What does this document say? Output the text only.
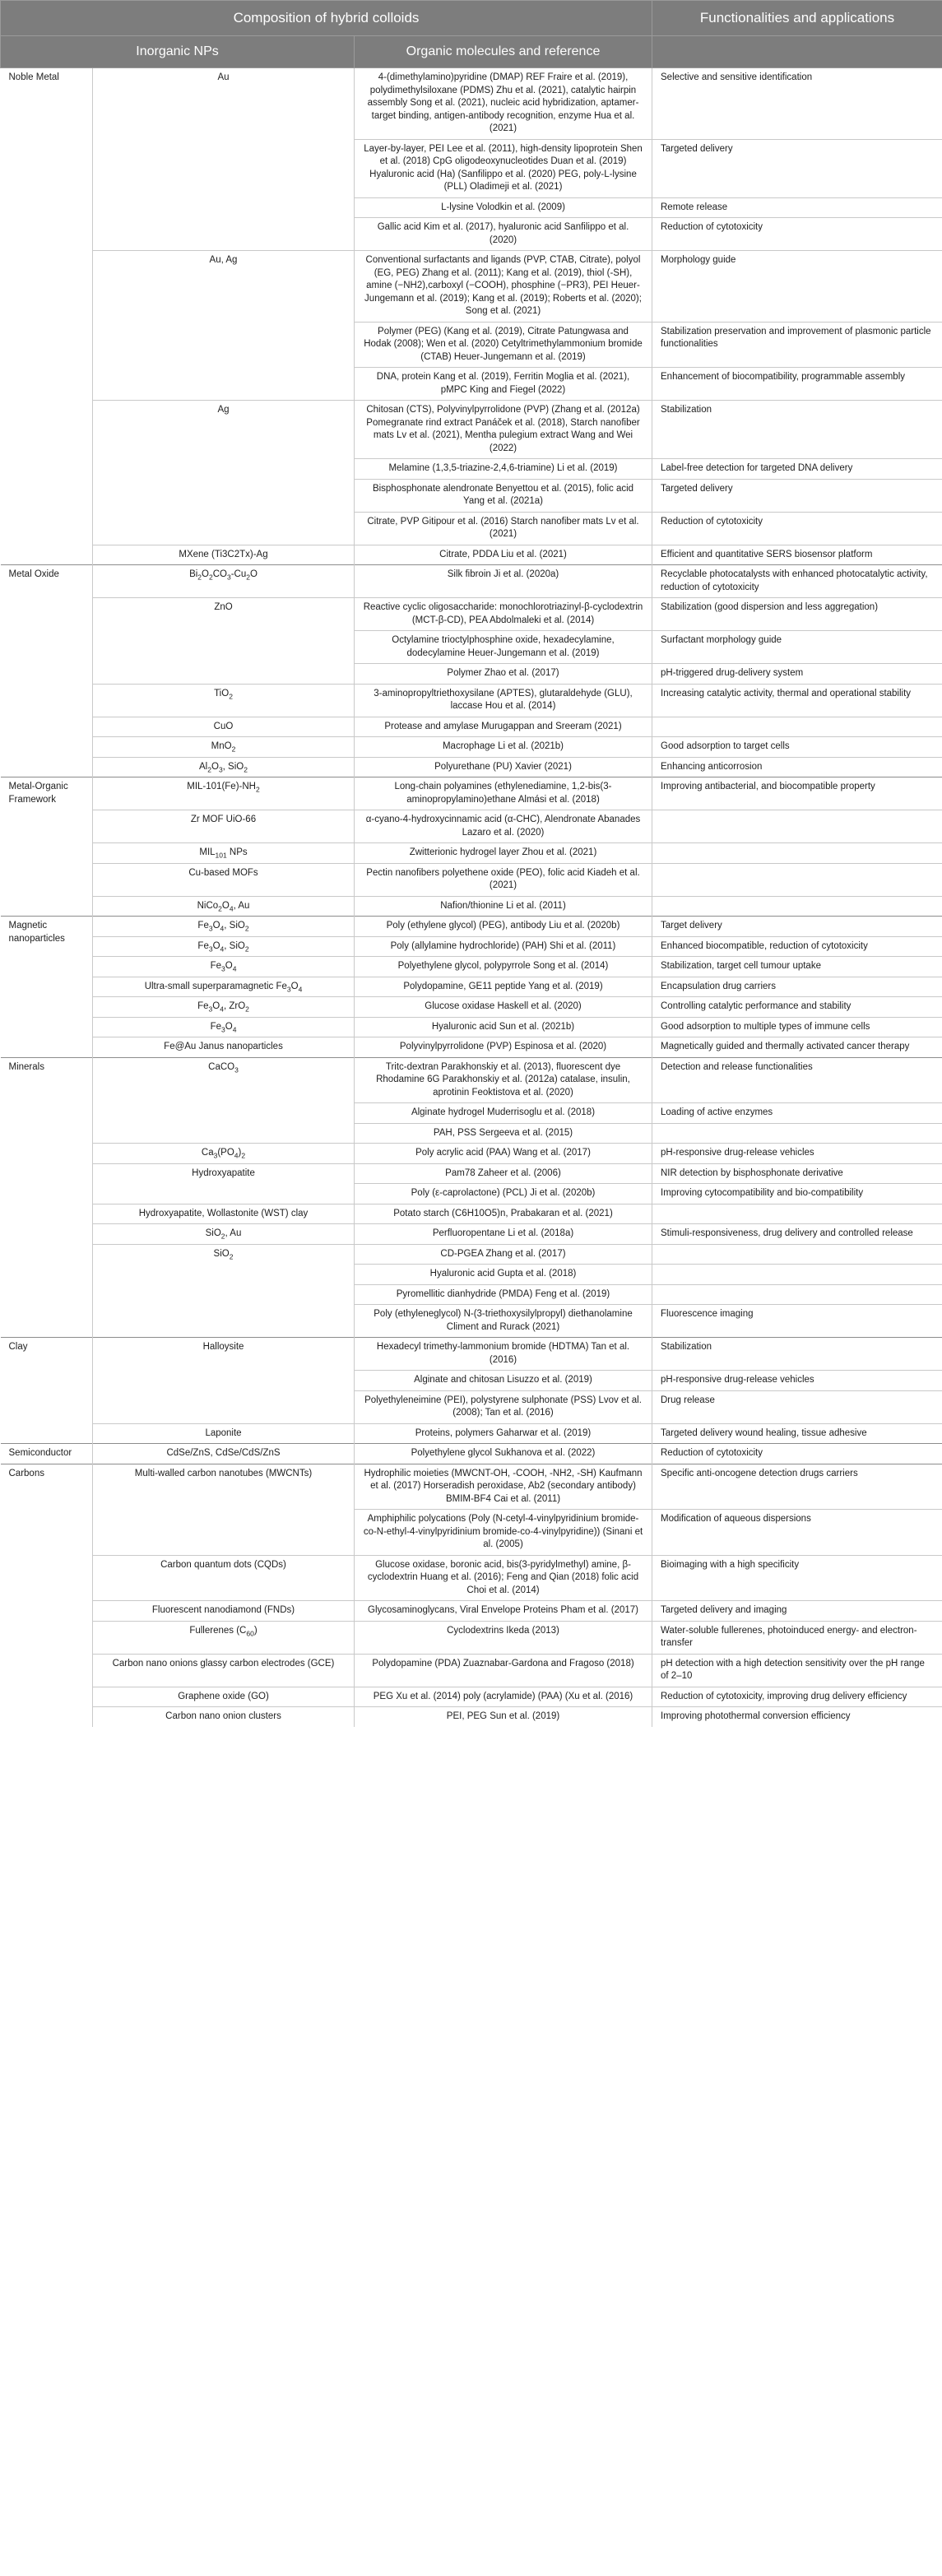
Composition of hybrid colloids			Functionalities and applications
Inorganic NPs		Organic molecules and reference	
Noble Metal	Au	4-(dimethylamino)pyridine (DMAP) REF Fraire et al. (2019), polydimethylsiloxane (PDMS) Zhu et al. (2021), catalytic hairpin assembly Song et al. (2021), nucleic acid hybridization, aptamer-target binding, antigen-antibody recognition, enzyme Hua et al. (2021)	Selective and sensitive identification
		Layer-by-layer, PEI Lee et al. (2011), high-density lipoprotein Shen et al. (2018) CpG oligodeoxynucleotides Duan et al. (2019) Hyaluronic acid (Ha) (Sanfilippo et al. (2020) PEG, poly-L-lysine (PLL) Oladimeji et al. (2021)	Targeted delivery
		L-lysine Volodkin et al. (2009)	Remote release
		Gallic acid Kim et al. (2017), hyaluronic acid Sanfilippo et al. (2020)	Reduction of cytotoxicity
	Au, Ag	Conventional surfactants and ligands (PVP, CTAB, Citrate), polyol (EG, PEG) Zhang et al. (2011); Kang et al. (2019), thiol (-SH), amine (−NH2),carboxyl (−COOH), phosphine (−PR3), PEI Heuer-Jungemann et al. (2019); Kang et al. (2019); Roberts et al. (2020); Song et al. (2021)	Morphology guide
		Polymer (PEG) (Kang et al. (2019), Citrate Patungwasa and Hodak (2008); Wen et al. (2020) Cetyltrimethylammonium bromide (CTAB) Heuer-Jungemann et al. (2019)	Stabilization preservation and improvement of plasmonic particle functionalities
		DNA, protein Kang et al. (2019), Ferritin Moglia et al. (2021), pMPC King and Fiegel (2022)	Enhancement of biocompatibility, programmable assembly
	Ag	Chitosan (CTS), Polyvinylpyrrolidone (PVP) (Zhang et al. (2012a) Pomegranate rind extract Panáček et al. (2018), Starch nanofiber mats Lv et al. (2021), Mentha pulegium extract Wang and Wei (2022)	Stabilization
		Melamine (1,3,5-triazine-2,4,6-triamine) Li et al. (2019)	Label-free detection for targeted DNA delivery
		Bisphosphonate alendronate Benyettou et al. (2015), folic acid Yang et al. (2021a)	Targeted delivery
		Citrate, PVP Gitipour et al. (2016) Starch nanofiber mats Lv et al. (2021)	Reduction of cytotoxicity
	MXene (Ti3C2Tx)-Ag	Citrate, PDDA Liu et al. (2021)	Efficient and quantitative SERS biosensor platform
Metal Oxide	$Bi_2O_2CO_3-Cu_2O$	Silk fibroin Ji et al. (2020a)	Recyclable photocatalysts with enhanced photocatalytic activity, reduction of cytotoxicity
	ZnO	Reactive cyclic oligosaccharide: monochlorotriazinyl-β-cyclodextrin (MCT-β-CD), PEA Abdolmaleki et al. (2014)	Stabilization (good dispersion and less aggregation)
		Octylamine trioctylphosphine oxide, hexadecylamine, dodecylamine Heuer-Jungemann et al. (2019)	Surfactant morphology guide
		Polymer Zhao et al. (2017)	pH-triggered drug-delivery system
	TiO$_2$	3-aminopropyltriethoxysilane (APTES), glutaraldehyde (GLU), laccase Hou et al. (2014)	Increasing catalytic activity, thermal and operational stability
	CuO	Protease and amylase Murugappan and Sreeram (2021)	
	MnO$_2$	Macrophage Li et al. (2021b)	Good adsorption to target cells
	$Al_2O_3$, SiO$_2$	Polyurethane (PU) Xavier (2021)	Enhancing anticorrosion
Metal-Organic Framework	MIL-$101(Fe)-NH_2$	Long-chain polyamines (ethylenediamine, 1,2-bis(3-aminopropylamino)ethane Almási et al. (2018)	Improving antibacterial, and biocompatible property
	Zr MOF UiO-66	α-cyano-4-hydroxycinnamic acid (α-CHC), Alendronate Abanades Lazaro et al. (2020)	
	$MIL_{101}$ NPs	Zwitterionic hydrogel layer Zhou et al. (2021)	
	Cu-based MOFs	Pectin nanofibers polyethene oxide (PEO), folic acid Kiadeh et al. (2021)	
	$NiCo_2O_4$, Au	Nafion/thionine Li et al. (2011)	
Magnetic nanoparticles	$Fe_3O_4$, SiO$_2$	Poly (ethylene glycol) (PEG), antibody Liu et al. (2020b)	Target delivery
	$Fe_3O_4$, SiO$_2$	Poly (allylamine hydrochloride) (PAH) Shi et al. (2011)	Enhanced biocompatible, reduction of cytotoxicity
	$Fe_3O_4$	Polyethylene glycol, polypyrrole Song et al. (2014)	Stabilization, target cell tumour uptake
	Ultra-small superparamagnetic $Fe_3O_4$	Polydopamine, GE11 peptide Yang et al. (2019)	Encapsulation drug carriers
	$Fe_3O_4$, ZrO$_2$	Glucose oxidase Haskell et al. (2020)	Controlling catalytic performance and stability
	$Fe_3O_4$	Hyaluronic acid Sun et al. (2021b)	Good adsorption to multiple types of immune cells
	Fe@Au Janus nanoparticles	Polyvinylpyrrolidone (PVP) Espinosa et al. (2020)	Magnetically guided and thermally activated cancer therapy
Minerals	CaCO$_3$	Tritc-dextran Parakhonskiy et al. (2013), fluorescent dye Rhodamine 6G Parakhonskiy et al. (2012a) catalase, insulin, aprotinin Feoktistova et al. (2020)	Detection and release functionalities
		Alginate hydrogel Muderrisoglu et al. (2018)	Loading of active enzymes
		PAH, PSS Sergeeva et al. (2015)	
	$Ca_3(PO_4)_2$	Poly acrylic acid (PAA) Wang et al. (2017)	pH-responsive drug-release vehicles
	Hydroxyapatite	Pam78 Zaheer et al. (2006)	NIR detection by bisphosphonate derivative
		Poly (ε-caprolactone) (PCL) Ji et al. (2020b)	Improving cytocompatibility and bio-compatibility
	Hydroxyapatite, Wollastonite (WST) clay	Potato starch (C6H10O5)n, Prabakaran et al. (2021)	
	SiO$_2$, Au	Perfluoropentane Li et al. (2018a)	Stimuli-responsiveness, drug delivery and controlled release
	SiO$_2$	CD-PGEA Zhang et al. (2017)	
		Hyaluronic acid Gupta et al. (2018)	
		Pyromellitic dianhydride (PMDA) Feng et al. (2019)	
		Poly (ethyleneglycol) N-(3-triethoxysilylpropyl) diethanolamine Climent and Rurack (2021)	Fluorescence imaging
Clay	Halloysite	Hexadecyl trimethy-lammonium bromide (HDTMA) Tan et al. (2016)	Stabilization
		Alginate and chitosan Lisuzzo et al. (2019)	pH-responsive drug-release vehicles
		Polyethyleneimine (PEI), polystyrene sulphonate (PSS) Lvov et al. (2008); Tan et al. (2016)	Drug release
	Laponite	Proteins, polymers Gaharwar et al. (2019)	Targeted delivery wound healing, tissue adhesive
Semiconductor	CdSe/ZnS, CdSe/CdS/ZnS	Polyethylene glycol Sukhanova et al. (2022)	Reduction of cytotoxicity
Carbons	Multi-walled carbon nanotubes (MWCNTs)	Hydrophilic moieties (MWCNT-OH, -COOH, -NH2, -SH) Kaufmann et al. (2017) Horseradish peroxidase, Ab2 (secondary antibody) BMIM-BF4 Cai et al. (2011)	Specific anti-oncogene detection drugs carriers
		Amphiphilic polycations (Poly (N-cetyl-4-vinylpyridinium bromide-co-N-ethyl-4-vinylpyridinium bromide-co-4-vinylpyridine)) (Sinani et al. (2005)	Modification of aqueous dispersions
	Carbon quantum dots (CQDs)	Glucose oxidase, boronic acid, bis(3-pyridylmethyl) amine, β-cyclodextrin Huang et al. (2016); Feng and Qian (2018) folic acid Choi et al. (2014)	Bioimaging with a high specificity
	Fluorescent nanodiamond (FNDs)	Glycosaminoglycans, Viral Envelope Proteins Pham et al. (2017)	Targeted delivery and imaging
	Fullerenes $(C_{60})$	Cyclodextrins Ikeda (2013)	Water-soluble fullerenes, photoinduced energy- and electron-transfer
	Carbon nano onions glassy carbon electrodes (GCE)	Polydopamine (PDA) Zuaznabar-Gardona and Fragoso (2018)	pH detection with a high detection sensitivity over the pH range of 2–10
	Graphene oxide (GO)	PEG Xu et al. (2014) poly (acrylamide) (PAA) (Xu et al. (2016)	Reduction of cytotoxicity, improving drug delivery efficiency
	Carbon nano onion clusters	PEI, PEG Sun et al. (2019)	Improving photothermal conversion efficiency
